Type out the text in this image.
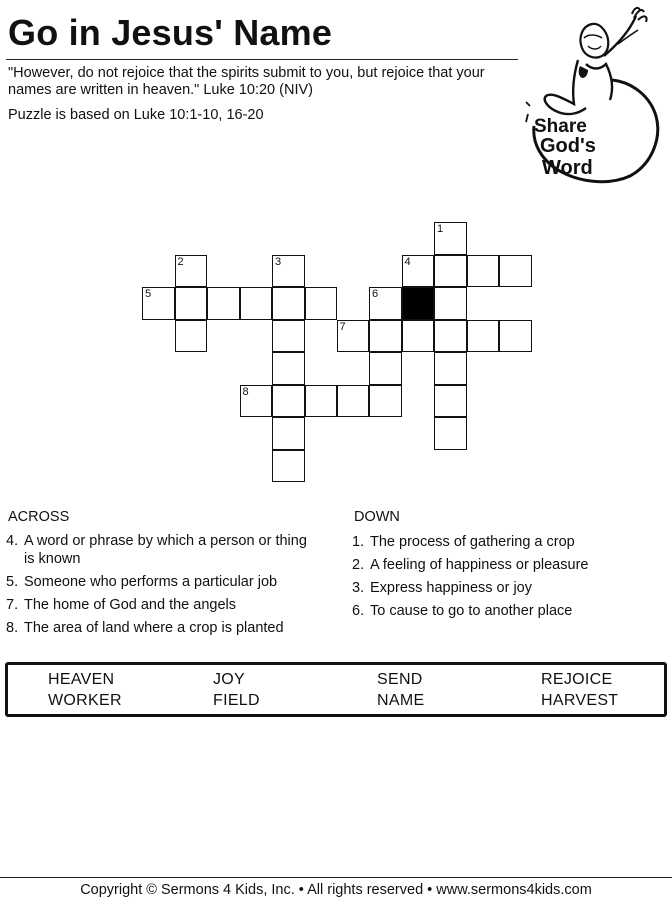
Go in Jesus' Name
"However, do not rejoice that the spirits submit to you, but rejoice that your names are written in heaven." Luke 10:20 (NIV)
Puzzle is based on Luke 10:1-10, 16-20
Share
God's
Word
1
4
2	3
5	6
7
8
ACROSS
4. A word or phrase by which a person or thing is known
5. Someone who performs a particular job
7. The home of God and the angels
8. The area of land where a crop is planted
DOWN
1. The process of gathering a crop
2. A feeling of happiness or pleasure
3. Express happiness or joy
6. To cause to go to another place
HEAVEN	JOY	SEND	REJOICE
WORKER	FIELD	NAME	HARVEST
Copyright © Sermons 4 Kids, Inc. • All rights reserved • www.sermons4kids.com
